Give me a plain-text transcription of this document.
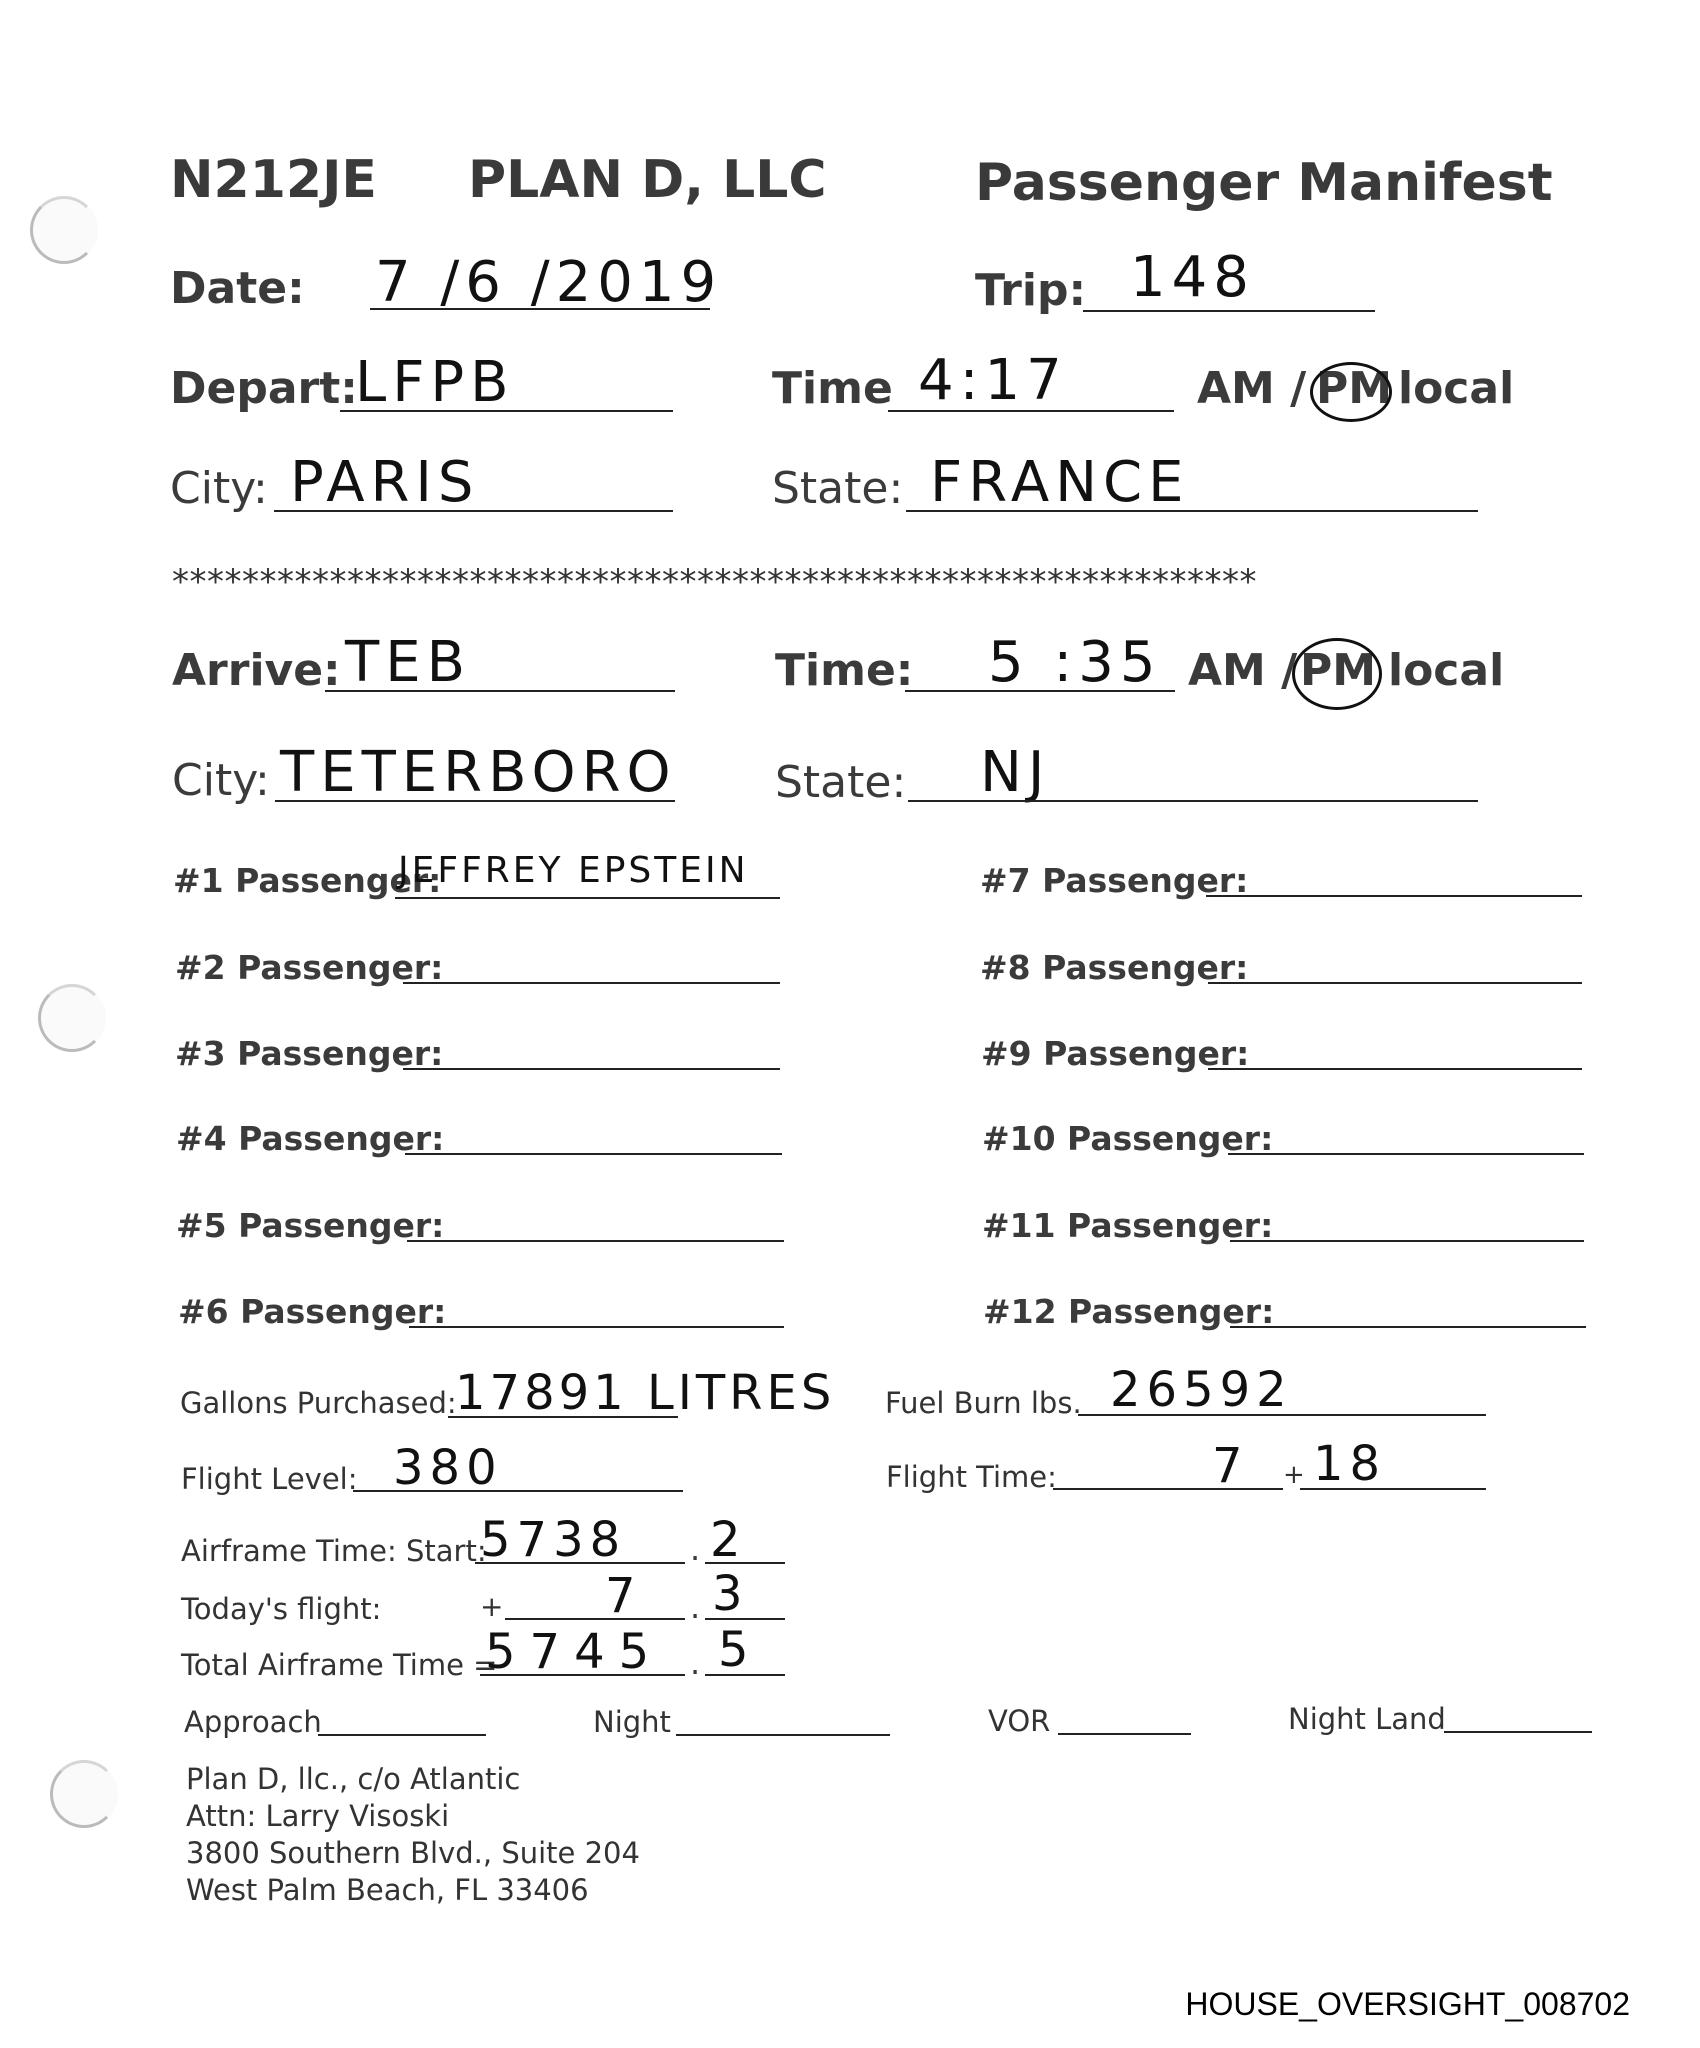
N212JE PLAN D, LLC	Passenger Manifest
Date: 7 /6 /2019	Trip: 148
Depart:
LFPB	Time 4:17	AM / PM local
City: PARIS	State: FRANCE
**************************************************************
Arrive: TEB	Time: 5 :35 AM / PM local
City: TETERBORO State: NJ
#1 Passenger:
JEFFREY EPSTEIN
#2 Passenger:
#3 Passenger:
#4 Passenger:
#5 Passenger:
#6 Passenger:
#7 Passenger:
#8 Passenger:
#9 Passenger:
#10 Passenger:
#11 Passenger:
#12 Passenger:
Gallons Purchased:
17891 LITRES Fuel Burn lbs. 26592
Flight Level: 380	Flight Time:	7 + 18
Airframe Time: Start:
5738 . 2
Today's flight:	+ 7 . 3
Total Airframe Time =
5745 . 5
Approach	Night	VOR	Night Land
Plan D, llc., c/o Atlantic
Attn: Larry Visoski
3800 Southern Blvd., Suite 204
West Palm Beach, FL 33406
HOUSE_OVERSIGHT_008702
